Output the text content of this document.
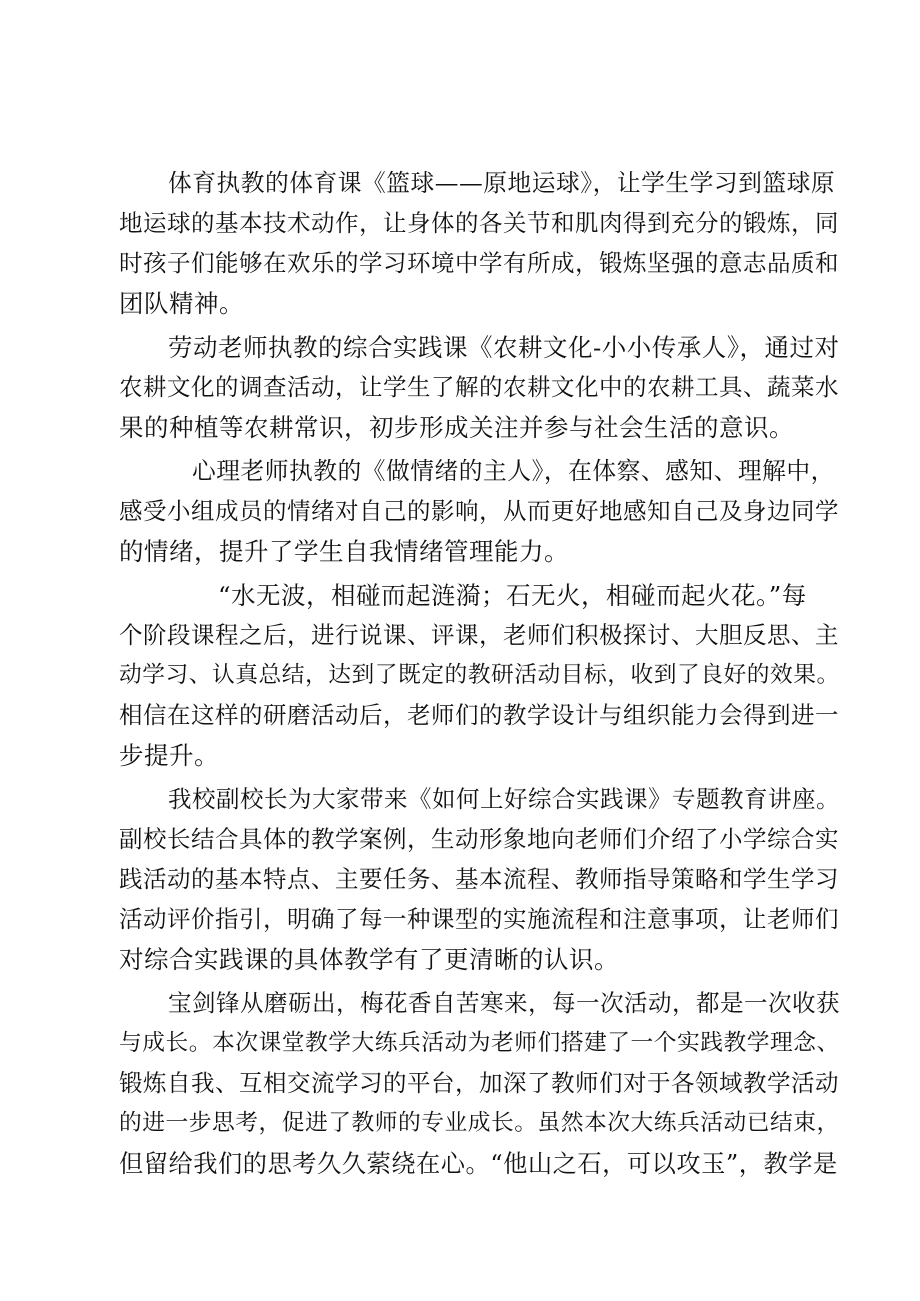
体育执教的体育课《篮球——原地运球》，让学生学习到篮球原
地运球的基本技术动作，让身体的各关节和肌肉得到充分的锻炼，同
时孩子们能够在欢乐的学习环境中学有所成，锻炼坚强的意志品质和
团队精神。
劳动老师执教的综合实践课《农耕文化-小小传承人》，通过对
农耕文化的调查活动，让学生了解的农耕文化中的农耕工具、蔬菜水
果的种植等农耕常识，初步形成关注并参与社会生活的意识。
心理老师执教的《做情绪的主人》，在体察、感知、理解中，
感受小组成员的情绪对自己的影响，从而更好地感知自己及身边同学
的情绪，提升了学生自我情绪管理能力。
“水无波，相碰而起涟漪；石无火，相碰而起火花。”每
个阶段课程之后，进行说课、评课，老师们积极探讨、大胆反思、主
动学习、认真总结，达到了既定的教研活动目标，收到了良好的效果。
相信在这样的研磨活动后，老师们的教学设计与组织能力会得到进一
步提升。
我校副校长为大家带来《如何上好综合实践课》专题教育讲座。
副校长结合具体的教学案例，生动形象地向老师们介绍了小学综合实
践活动的基本特点、主要任务、基本流程、教师指导策略和学生学习
活动评价指引，明确了每一种课型的实施流程和注意事项，让老师们
对综合实践课的具体教学有了更清晰的认识。
宝剑锋从磨砺出，梅花香自苦寒来，每一次活动，都是一次收获
与成长。本次课堂教学大练兵活动为老师们搭建了一个实践教学理念、
锻炼自我、互相交流学习的平台，加深了教师们对于各领域教学活动
的进一步思考，促进了教师的专业成长。虽然本次大练兵活动已结束，
但留给我们的思考久久萦绕在心。“他山之石，可以攻玉”，教学是
